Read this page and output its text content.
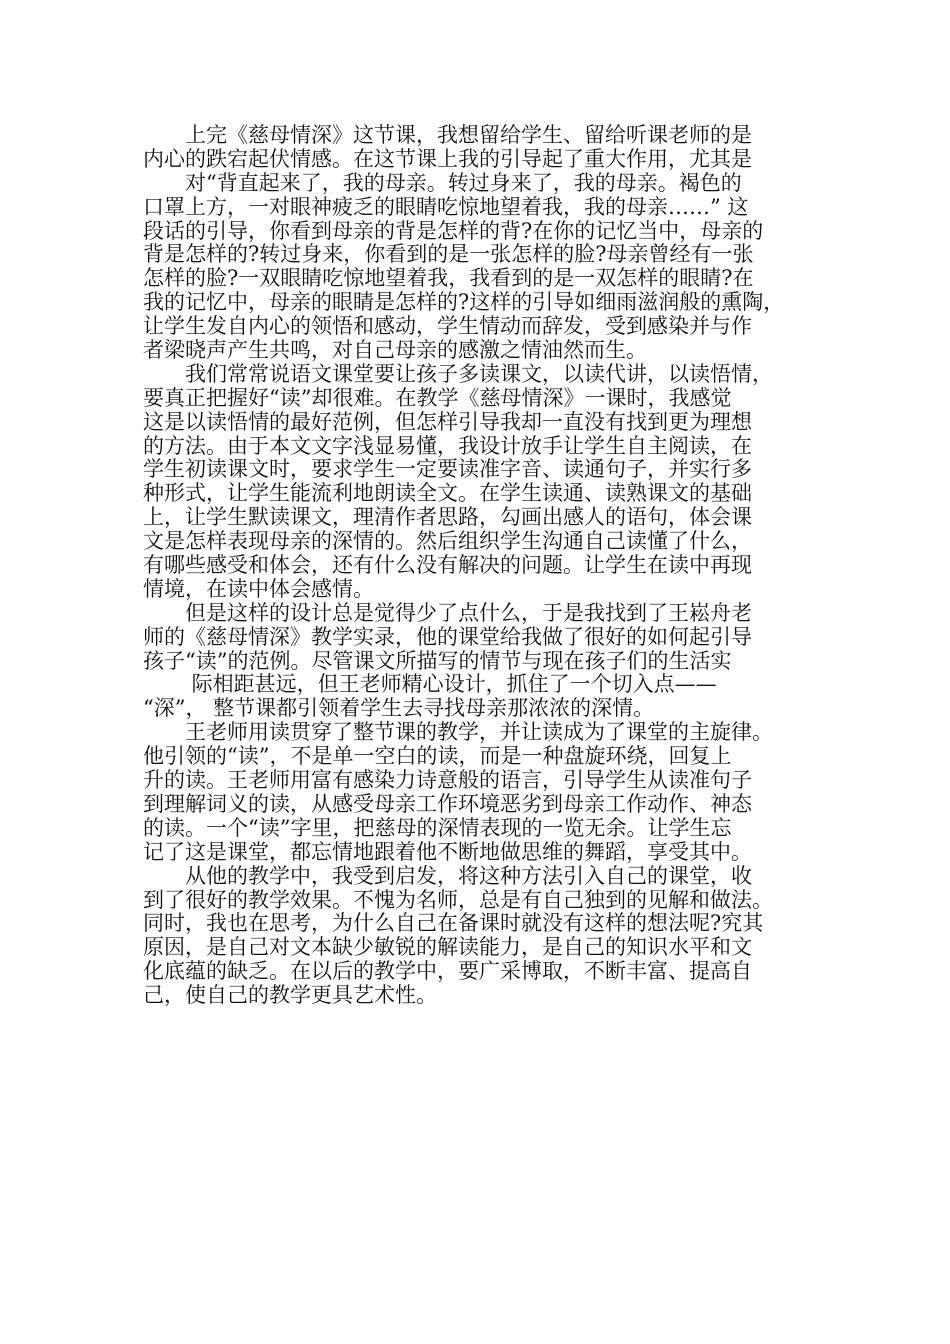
　　上完《慈母情深》这节课，我想留给学生、留给听课老师的是
内心的跌宕起伏情感。在这节课上我的引导起了重大作用，尤其是
　　对“背直起来了，我的母亲。转过身来了，我的母亲。褐色的
口罩上方，一对眼神疲乏的眼睛吃惊地望着我，我的母亲……” 这
段话的引导，你看到母亲的背是怎样的背?在你的记忆当中，母亲的
背是怎样的?转过身来，你看到的是一张怎样的脸?母亲曾经有一张
怎样的脸?一双眼睛吃惊地望着我，我看到的是一双怎样的眼睛?在
我的记忆中，母亲的眼睛是怎样的?这样的引导如细雨滋润般的熏陶，
让学生发自内心的领悟和感动，学生情动而辞发，受到感染并与作
者梁晓声产生共鸣，对自己母亲的感激之情油然而生。
　　我们常常说语文课堂要让孩子多读课文，以读代讲，以读悟情，
要真正把握好“读”却很难。在教学《慈母情深》一课时，我感觉
这是以读悟情的最好范例，但怎样引导我却一直没有找到更为理想
的方法。由于本文文字浅显易懂，我设计放手让学生自主阅读，在
学生初读课文时，要求学生一定要读准字音、读通句子，并实行多
种形式，让学生能流利地朗读全文。在学生读通、读熟课文的基础
上，让学生默读课文，理清作者思路，勾画出感人的语句，体会课
文是怎样表现母亲的深情的。然后组织学生沟通自己读懂了什么，
有哪些感受和体会，还有什么没有解决的问题。让学生在读中再现
情境，在读中体会感情。
　　但是这样的设计总是觉得少了点什么，于是我找到了王崧舟老
师的《慈母情深》教学实录，他的课堂给我做了很好的如何起引导
孩子“读”的范例。尽管课文所描写的情节与现在孩子们的生活实
　　 际相距甚远，但王老师精心设计，抓住了一个切入点——
“深”， 整节课都引领着学生去寻找母亲那浓浓的深情。
　　王老师用读贯穿了整节课的教学，并让读成为了课堂的主旋律。
他引领的“读”，不是单一空白的读，而是一种盘旋环绕，回复上
升的读。王老师用富有感染力诗意般的语言，引导学生从读准句子
到理解词义的读，从感受母亲工作环境恶劣到母亲工作动作、神态
的读。一个“读”字里，把慈母的深情表现的一览无余。让学生忘
记了这是课堂，都忘情地跟着他不断地做思维的舞蹈，享受其中。
　　从他的教学中，我受到启发，将这种方法引入自己的课堂，收
到了很好的教学效果。不愧为名师，总是有自己独到的见解和做法。
同时，我也在思考，为什么自己在备课时就没有这样的想法呢?究其
原因，是自己对文本缺少敏锐的解读能力，是自己的知识水平和文
化底蕴的缺乏。在以后的教学中，要广采博取，不断丰富、提高自
己，使自己的教学更具艺术性。
